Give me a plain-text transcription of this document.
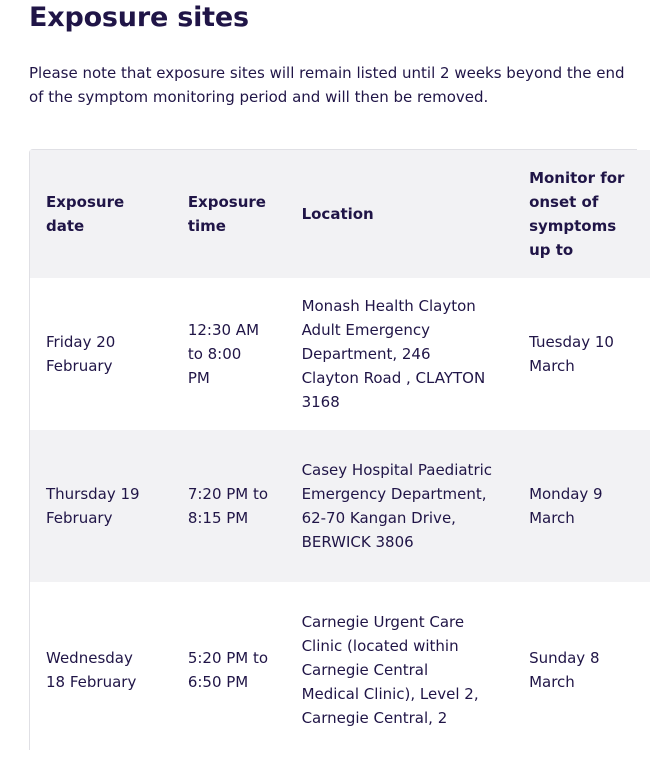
Exposure sites

Please note that exposure sites will remain listed until 2 weeks beyond the end of the symptom monitoring period and will then be removed.

Exposure date	Exposure time	Location	Monitor for onset of symptoms up to

Friday 20 February	12:30 AM to 8:00 PM	Monash Health Clayton Adult Emergency Department, 246 Clayton Road , CLAYTON 3168	Tuesday 10 March

Thursday 19 February	7:20 PM to 8:15 PM	Casey Hospital Paediatric Emergency Department, 62-70 Kangan Drive, BERWICK 3806	Monday 9 March

Wednesday 18 February	5:20 PM to 6:50 PM	Carnegie Urgent Care Clinic (located within Carnegie Central Medical Clinic), Level 2, Carnegie Central, 2	Sunday 8 March
